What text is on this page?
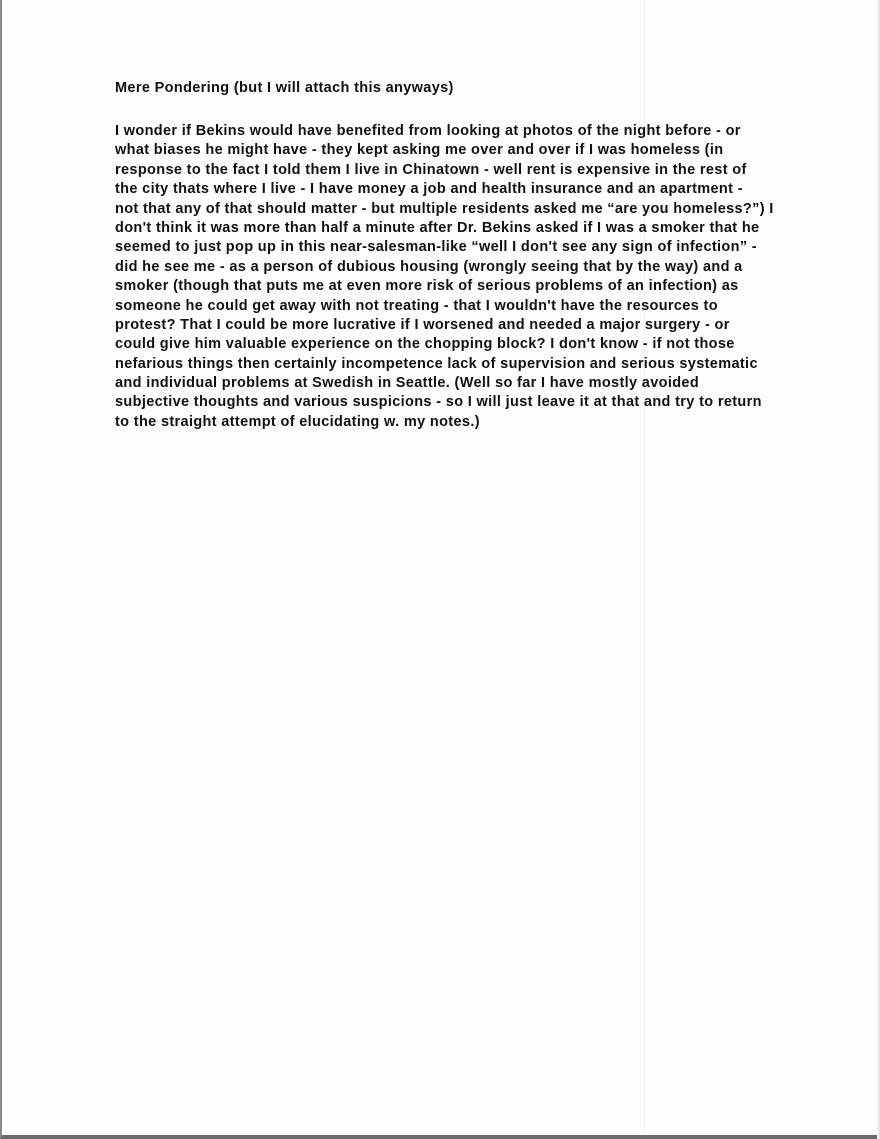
Mere Pondering (but I will attach this anyways)
I wonder if Bekins would have benefited from looking at photos of the night before - or
what biases he might have - they kept asking me over and over if I was homeless (in
response to the fact I told them I live in Chinatown - well rent is expensive in the rest of
the city thats where I live - I have money a job and health insurance and an apartment -
not that any of that should matter - but multiple residents asked me “are you homeless?”) I
don't think it was more than half a minute after Dr. Bekins asked if I was a smoker that he
seemed to just pop up in this near-salesman-like “well I don't see any sign of infection” -
did he see me - as a person of dubious housing (wrongly seeing that by the way) and a
smoker (though that puts me at even more risk of serious problems of an infection) as
someone he could get away with not treating - that I wouldn't have the resources to
protest? That I could be more lucrative if I worsened and needed a major surgery - or
could give him valuable experience on the chopping block? I don't know - if not those
nefarious things then certainly incompetence lack of supervision and serious systematic
and individual problems at Swedish in Seattle. (Well so far I have mostly avoided
subjective thoughts and various suspicions - so I will just leave it at that and try to return
to the straight attempt of elucidating w. my notes.)
